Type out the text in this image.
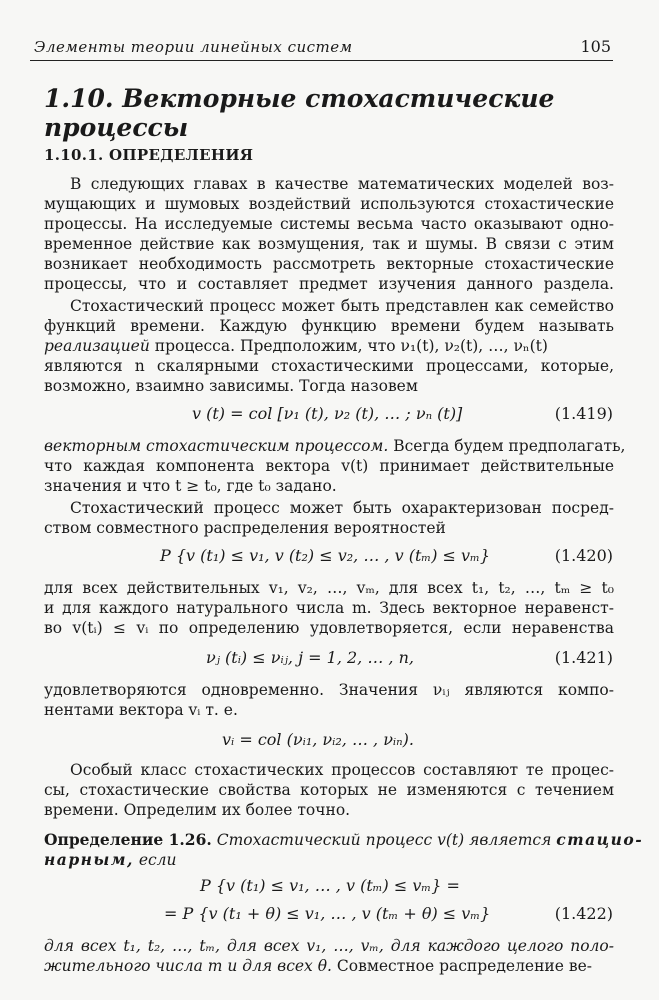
Элементы теории линейных систем	105
1.10. Векторные стохастические
процессы
1.10.1. ОПРЕДЕЛЕНИЯ
В следующих главах в качестве математических моделей воз-
мущающих и шумовых воздействий используются стохастические
процессы. На исследуемые системы весьма часто оказывают одно-
временное действие как возмущения, так и шумы. В связи с этим
возникает необходимость рассмотреть векторные стохастические
процессы, что и составляет предмет изучения данного раздела.
Стохастический процесс может быть представлен как семейство
функций времени. Каждую функцию времени будем называть
реализацией процесса. Предположим, что ν₁(t), ν₂(t), …, νₙ(t)
являются n скалярными стохастическими процессами, которые,
возможно, взаимно зависимы. Тогда назовем
v (t) = col [ν₁ (t), ν₂ (t), … ; νₙ (t)]	(1.419)
векторным стохастическим процессом. Всегда будем предполагать,
что каждая компонента вектора v(t) принимает действительные
значения и что t ≥ t₀, где t₀ задано.
Стохастический процесс может быть охарактеризован посред-
ством совместного распределения вероятностей
P {v (t₁) ≤ v₁, v (t₂) ≤ v₂, … , v (tₘ) ≤ vₘ}	(1.420)
для всех действительных v₁, v₂, …, vₘ, для всех t₁, t₂, …, tₘ ≥ t₀
и для каждого натурального числа m. Здесь векторное неравенст-
во v(tᵢ) ≤ vᵢ по определению удовлетворяется, если неравенства
νⱼ (tᵢ) ≤ νᵢⱼ, j = 1, 2, … , n,	(1.421)
удовлетворяются одновременно. Значения νᵢⱼ являются компо-
нентами вектора vᵢ т. е.
vᵢ = col (νᵢ₁, νᵢ₂, … , νᵢₙ).
Особый класс стохастических процессов составляют те процес-
сы, стохастические свойства которых не изменяются с течением
времени. Определим их более точно.
Определение 1.26. Стохастический процесс v(t) является стацио-
нарным, если
P {v (t₁) ≤ v₁, … , v (tₘ) ≤ vₘ} =
= P {v (t₁ + θ) ≤ v₁, … , v (tₘ + θ) ≤ vₘ}	(1.422)
для всех t₁, t₂, …, tₘ, для всех v₁, …, vₘ, для каждого целого поло-
жительного числа m и для всех θ. Совместное распределение ве-
